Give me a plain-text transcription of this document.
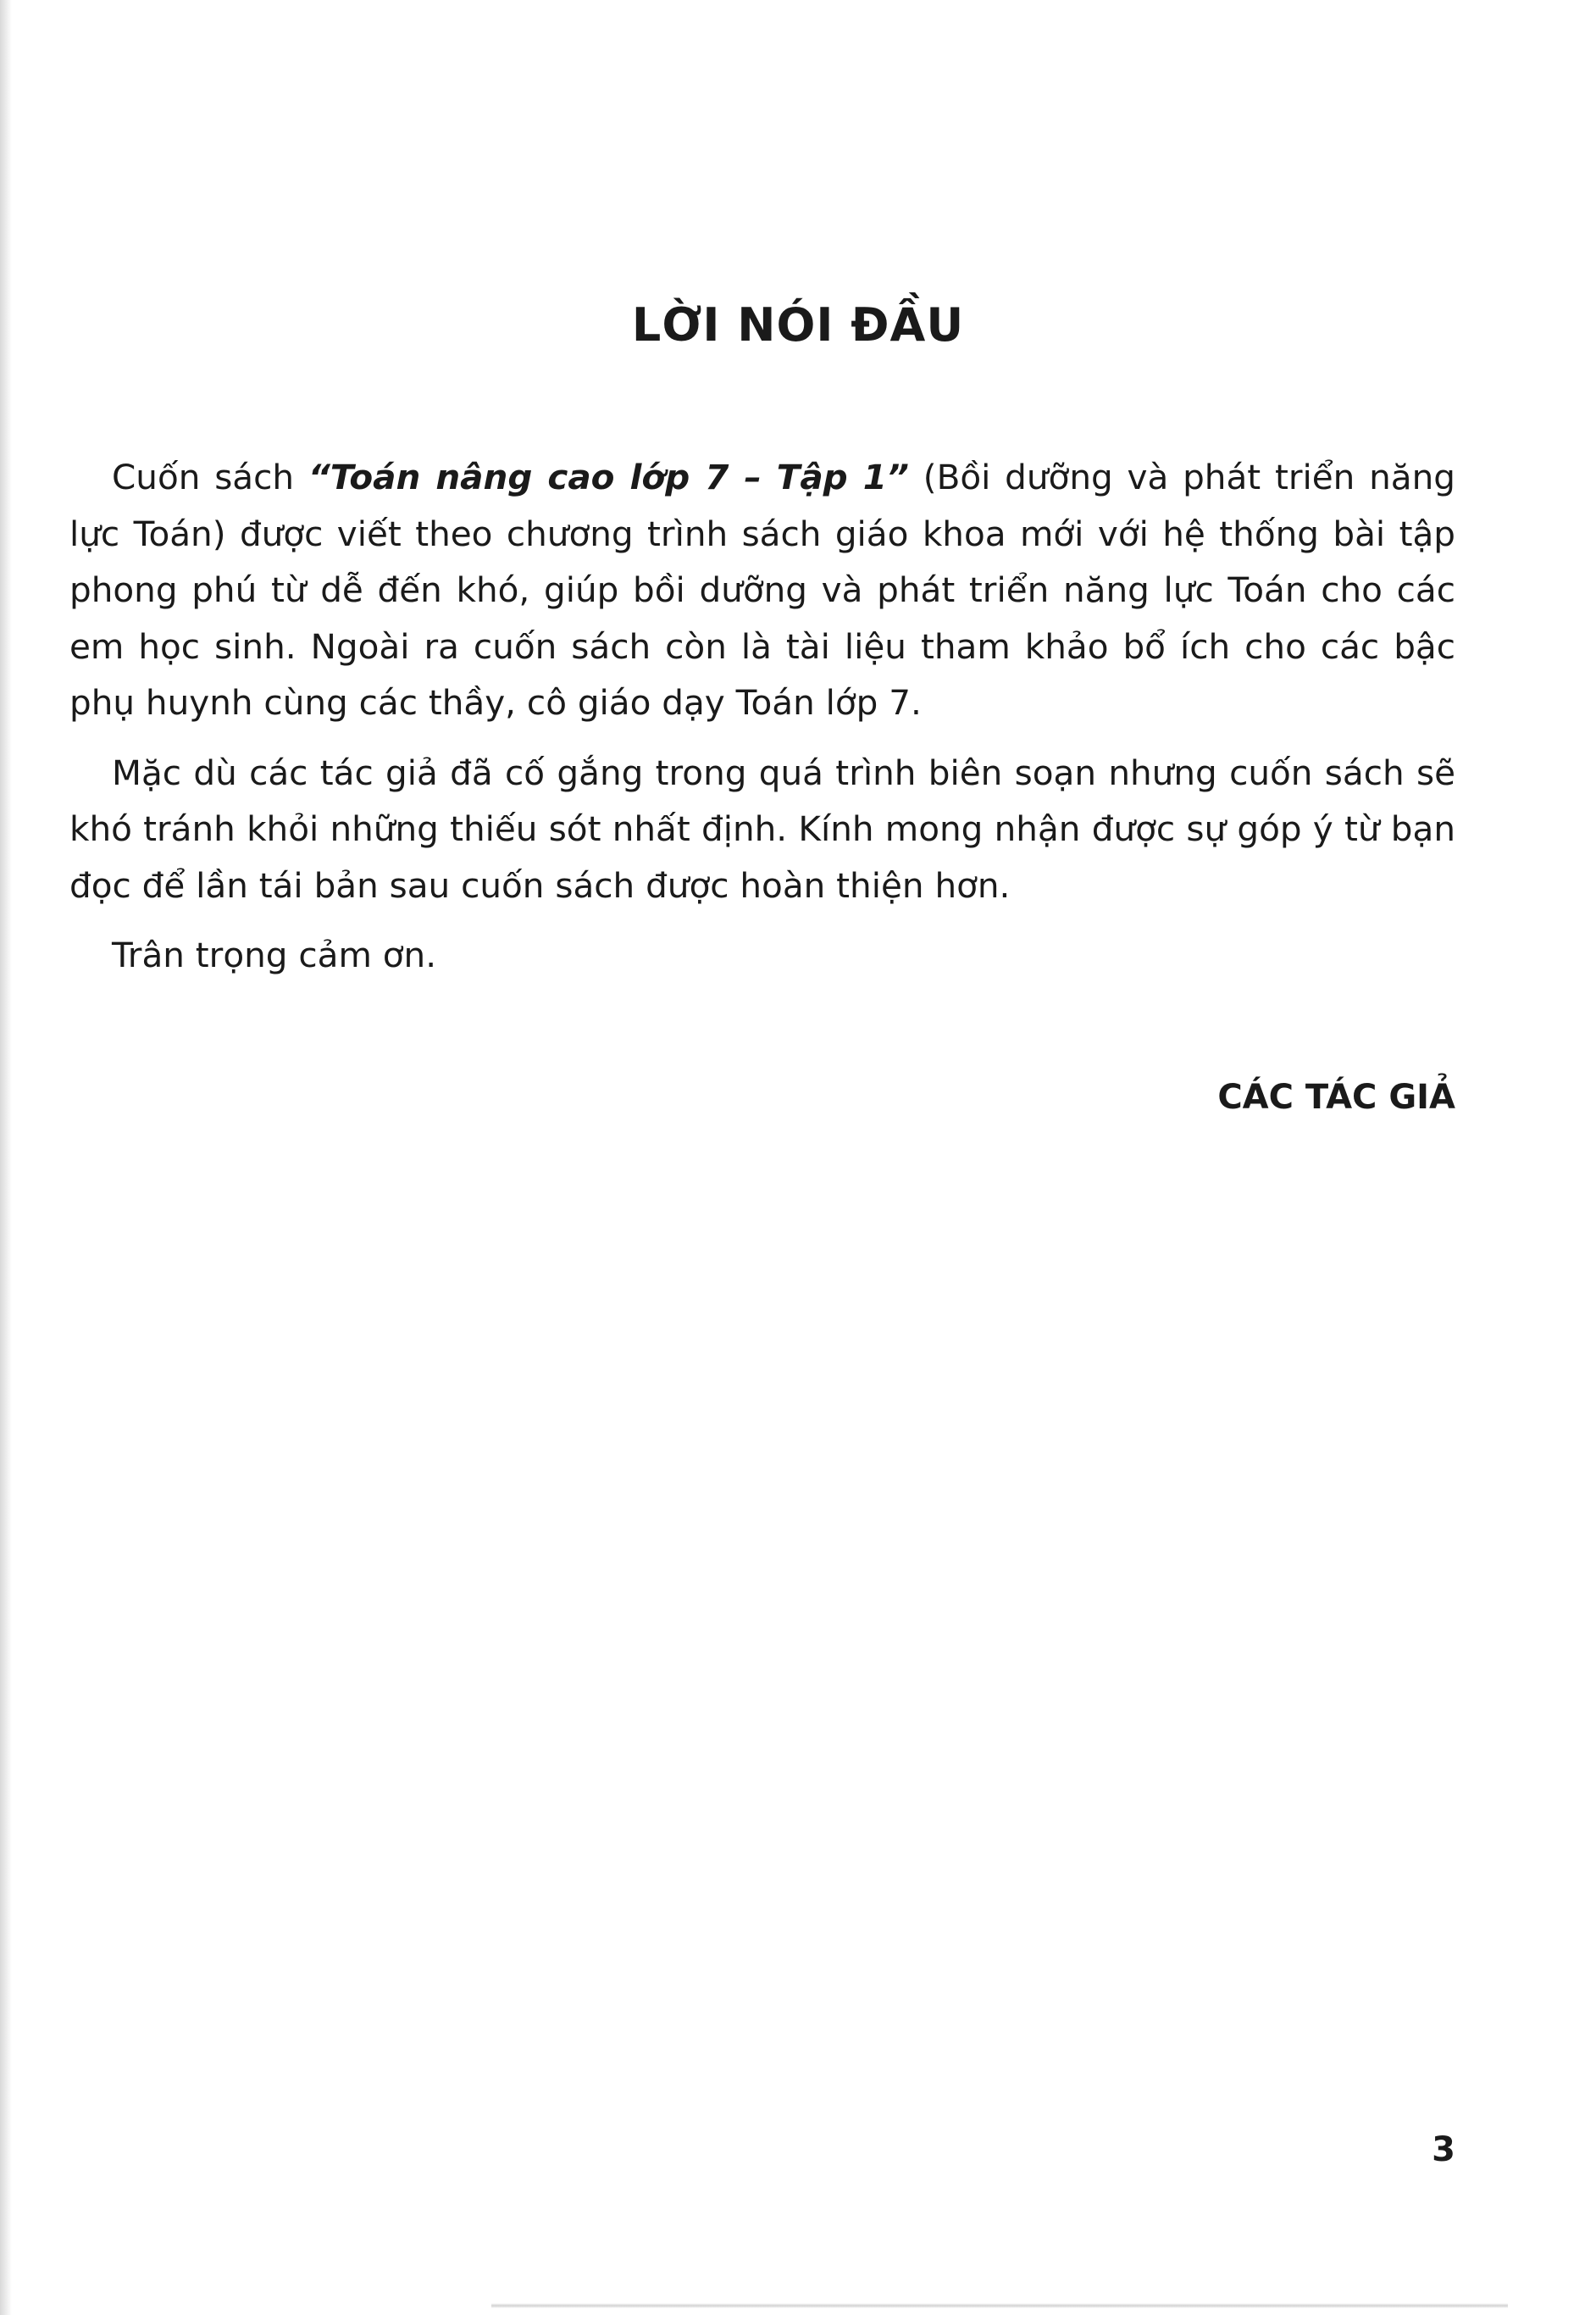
LỜI NÓI ĐẦU

Cuốn sách “Toán nâng cao lớp 7 – Tập 1” (Bồi dưỡng và phát triển năng lực Toán) được viết theo chương trình sách giáo khoa mới với hệ thống bài tập phong phú từ dễ đến khó, giúp bồi dưỡng và phát triển năng lực Toán cho các em học sinh. Ngoài ra cuốn sách còn là tài liệu tham khảo bổ ích cho các bậc phụ huynh cùng các thầy, cô giáo dạy Toán lớp 7.

Mặc dù các tác giả đã cố gắng trong quá trình biên soạn nhưng cuốn sách sẽ khó tránh khỏi những thiếu sót nhất định. Kính mong nhận được sự góp ý từ bạn đọc để lần tái bản sau cuốn sách được hoàn thiện hơn.

Trân trọng cảm ơn.

CÁC TÁC GIẢ

3
